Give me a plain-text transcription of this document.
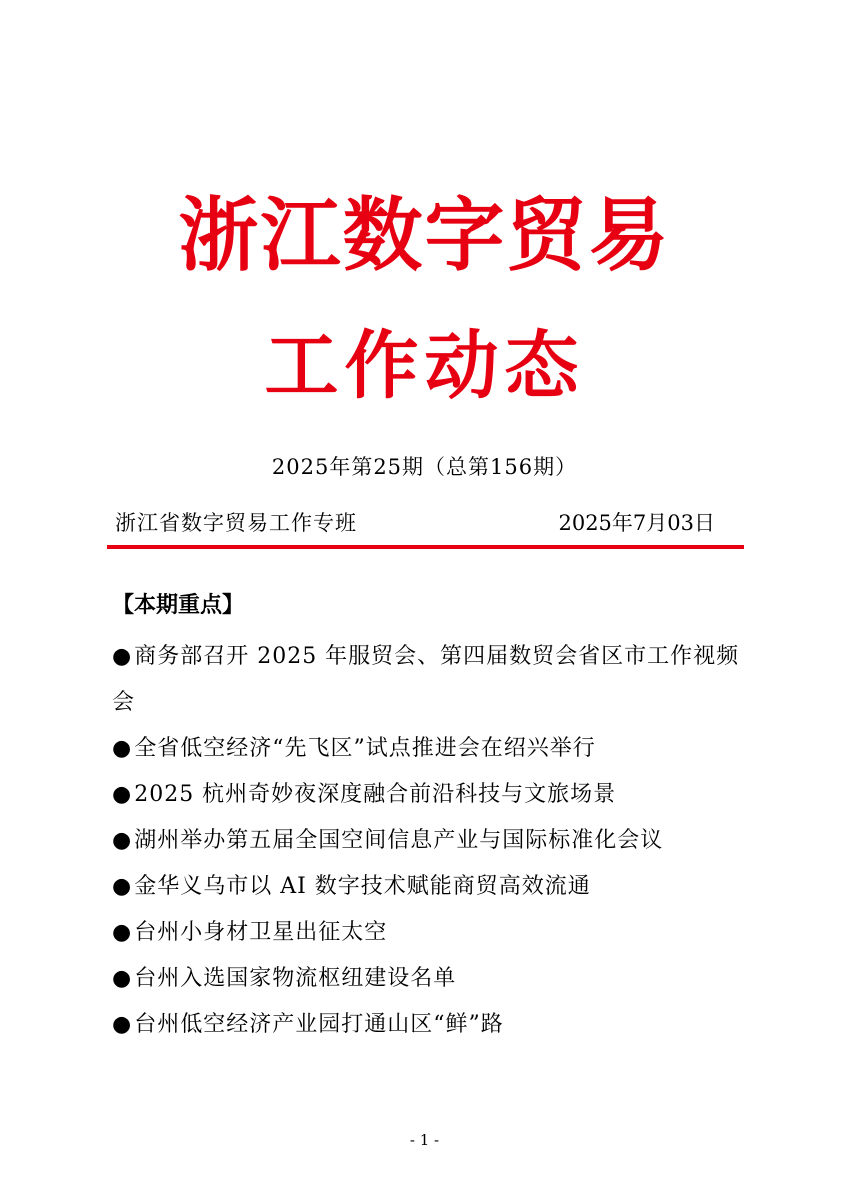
浙江数字贸易
工作动态
2025年第25期（总第156期）
浙江省数字贸易工作专班	2025年7月03日
【本期重点】
●商务部召开 2025 年服贸会、第四届数贸会省区市工作视频会
●全省低空经济“先飞区”试点推进会在绍兴举行
●2025 杭州奇妙夜深度融合前沿科技与文旅场景
●湖州举办第五届全国空间信息产业与国际标准化会议
●金华义乌市以 AI 数字技术赋能商贸高效流通
●台州小身材卫星出征太空
●台州入选国家物流枢纽建设名单
●台州低空经济产业园打通山区“鲜”路
- 1 -
